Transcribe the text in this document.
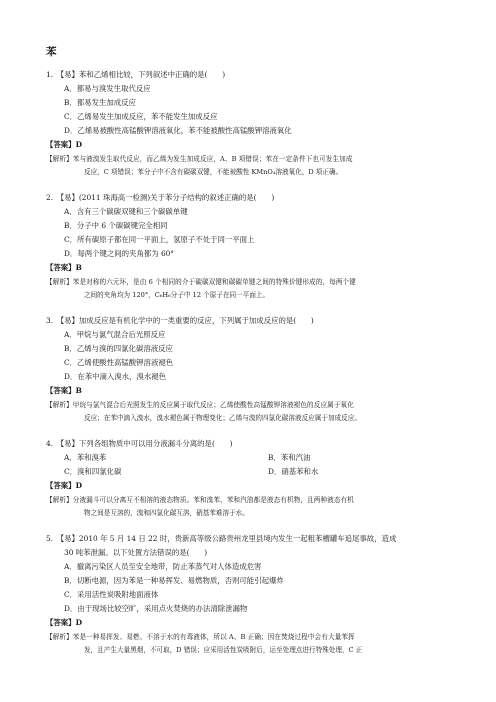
苯
1.　【易】苯和乙烯相比较，下列叙述中正确的是(　　)
A．都易与溴发生取代反应
B．都易发生加成反应
C．乙烯易发生加成反应，苯不能发生加成反应
D．乙烯易被酸性高锰酸钾溶液氧化，苯不能被酸性高锰酸钾溶液氧化
【答案】D
【解析】苯与液溴发生取代反应，而乙烯为发生加成反应，A、B 项错误；苯在一定条件下也可发生加成
反应，C 项错误；苯分子中不含有碳碳双键，不能被酸性 KMnO₄溶液氧化，D 项正确。
2.　【易】(2011 珠海高一检测)关于苯分子结构的叙述正确的是(　　)
A．含有三个碳碳双键和三个碳碳单键
B．分子中 6 个碳碳键完全相同
C．所有碳原子都在同一平面上，氢原子不处于同一平面上
D．每两个键之间的夹角都为 60°
【答案】B
【解析】苯是对称的六元环，是由 6 个相同的介于碳碳双键和碳碳单键之间的特殊价键形成的，每两个键
之间的夹角均为 120°，C₆H₆分子中 12 个原子在同一平面上。
3.　【易】加成反应是有机化学中的一类重要的反应，下列属于加成反应的是(　　)
A．甲烷与氯气混合后光照反应
B．乙烯与溴的四氯化碳溶液反应
C．乙烯使酸性高锰酸钾溶液褪色
D．在苯中滴入溴水，溴水褪色
【答案】B
【解析】甲烷与氯气混合后光照发生的反应属于取代反应；乙烯使酸性高锰酸钾溶液褪色的反应属于氧化
反应；在苯中滴入溴水，溴水褪色属于物理变化；乙烯与溴的四氯化碳溶液反应属于加成反应。
4.　【易】下列各组物质中可以用分液漏斗分离的是(　　)
A．苯和溴苯	B．苯和汽油
C．溴和四氯化碳	D．硝基苯和水
【答案】D
【解析】分液漏斗可以分离互不相溶的液态物质。苯和溴苯、苯和汽油都是液态有机物，且两种液态有机
物之间是互溶的，溴和四氯化碳互溶，硝基苯难溶于水。
5.　【易】2010 年 5 月 14 日 22 时，贵新高等级公路贵州龙里县境内发生一起粗苯槽罐车追尾事故，造成
30 吨苯泄漏。以下处置方法错误的是(　　)
A．撤离污染区人员至安全地带，防止苯蒸气对人体造成危害
B．切断电源，因为苯是一种易挥发、易燃物质，否则可能引起爆炸
C．采用活性炭吸附地面液体
D．由于现场比较空旷，采用点火焚烧的办法清除泄漏物
【答案】D
【解析】苯是一种易挥发、易燃、不溶于水的有毒液体，所以 A、B 正确；因在焚烧过程中会有大量苯挥
发，且产生大量黑烟，不可取，D 错误；应采用活性炭吸附后，运至处理点进行特殊处理，C 正
